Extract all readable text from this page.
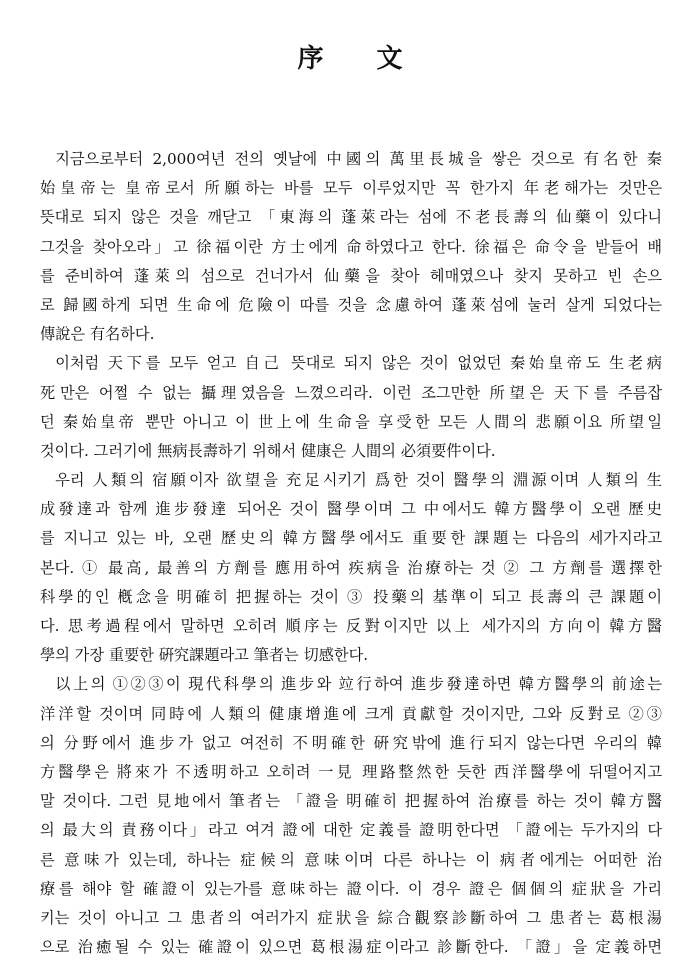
序 文
지금으로부터 2,000여년 전의 옛날에 中國의 萬里長城을 쌓은 것으로 有名한 秦
始皇帝는 皇帝로서 所願하는 바를 모두 이루었지만 꼭 한가지 年老해가는 것만은
뜻대로 되지 않은 것을 깨닫고 「東海의 蓬萊라는 섬에 不老長壽의 仙藥이 있다니
그것을 찾아오라」고 徐福이란 方士에게 命하였다고 한다. 徐福은 命令을 받들어 배
를 준비하여 蓬萊의 섬으로 건너가서 仙藥을 찾아 헤매였으나 찾지 못하고 빈 손으
로 歸國하게 되면 生命에 危險이 따를 것을 念慮하여 蓬萊섬에 눌러 살게 되었다는
傳說은 有名하다.
이처럼 天下를 모두 얻고 自己 뜻대로 되지 않은 것이 없었던 秦始皇帝도 生老病
死만은 어쩔 수 없는 攝理였음을 느꼈으리라. 이런 조그만한 所望은 天下를 주름잡
던 秦始皇帝 뿐만 아니고 이 世上에 生命을 享受한 모든 人間의 悲願이요 所望일
것이다. 그러기에 無病長壽하기 위해서 健康은 人間의 必須要件이다.
우리 人類의 宿願이자 欲望을 充足시키기 爲한 것이 醫學의 淵源이며 人類의 生
成發達과 함께 進步發達 되어온 것이 醫學이며 그 中에서도 韓方醫學이 오랜 歷史
를 지니고 있는 바, 오랜 歷史의 韓方醫學에서도 重要한 課題는 다음의 세가지라고
본다. ① 最高, 最善의 方劑를 應用하여 疾病을 治療하는 것 ② 그 方劑를 選擇한
科學的인 槪念을 明確히 把握하는 것이 ③ 投藥의 基準이 되고 長壽의 큰 課題이
다. 思考過程에서 말하면 오히려 順序는 反對이지만 以上 세가지의 方向이 韓方醫
學의 가장 重要한 硏究課題라고 筆者는 切感한다.
以上의 ①②③이 現代科學의 進步와 竝行하여 進步發達하면 韓方醫學의 前途는
洋洋할 것이며 同時에 人類의 健康增進에 크게 貢獻할 것이지만, 그와 反對로 ②③
의 分野에서 進步가 없고 여전히 不明確한 硏究밖에 進行되지 않는다면 우리의 韓
方醫學은 將來가 不透明하고 오히려 一見 理路整然한 듯한 西洋醫學에 뒤떨어지고
말 것이다. 그런 見地에서 筆者는 「證을 明確히 把握하여 治療를 하는 것이 韓方醫
의 最大의 責務이다」라고 여겨 證에 대한 定義를 證明한다면 「證에는 두가지의 다
른 意味가 있는데, 하나는 症候의 意味이며 다른 하나는 이 病者에게는 어떠한 治
療를 해야 할 確證이 있는가를 意味하는 證이다. 이 경우 證은 個個의 症狀을 가리
키는 것이 아니고 그 患者의 여러가지 症狀을 綜合觀察診斷하여 그 患者는 葛根湯
으로 治癒될 수 있는 確證이 있으면 葛根湯症이라고 診斷한다. 「證」을 定義하면
